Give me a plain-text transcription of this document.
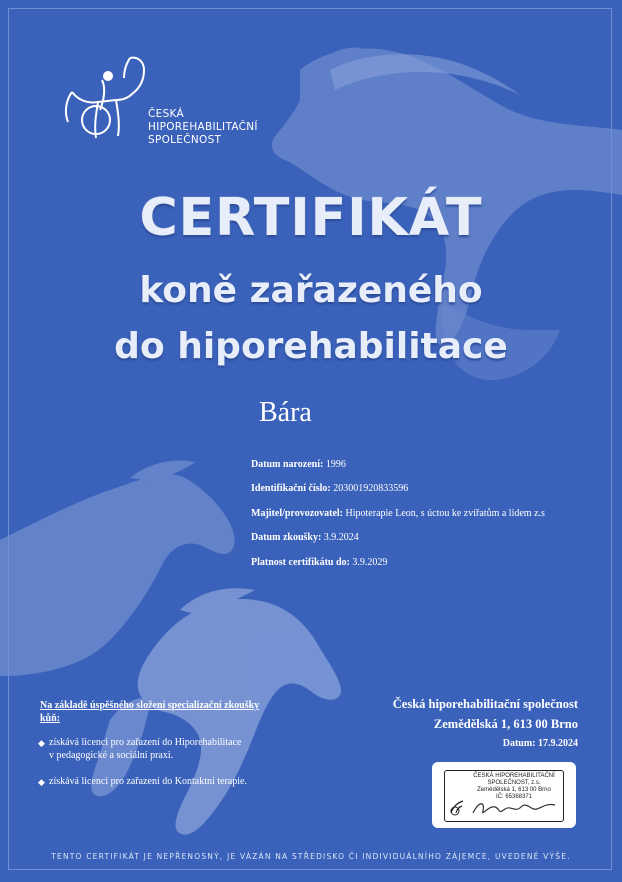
ČESKÁ
HIPOREHABILITAČNÍ
SPOLEČNOST
CERTIFIKÁT
koně zařazeného
do hiporehabilitace
Bára
Datum narození: 1996
Identifikační číslo: 203001920833596
Majitel/provozovatel: Hipoterapie Leon, s úctou ke zvířatům a lidem z.s
Datum zkoušky: 3.9.2024
Platnost certifikátu do: 3.9.2029
Na základě úspěšného složení specializační zkoušky kůň:
◆ získává licenci pro zařazení do Hiporehabilitace
v pedagogické a sociální praxi.
◆ získává licenci pro zařazení do Kontaktní terapie.
Česká hiporehabilitační společnost
Zemědělská 1, 613 00 Brno
Datum: 17.9.2024
ČESKÁ HIPOREHABILITAČNÍ
SPOLEČNOST, z.s.
Zemědělská 1, 613 00 Brno
IČ: 65368371
TENTO CERTIFIKÁT JE NEPŘENOSNÝ, JE VÁZÁN NA STŘEDISKO ČI INDIVIDUÁLNÍHO ZÁJEMCE, UVEDENÉ VÝŠE.
